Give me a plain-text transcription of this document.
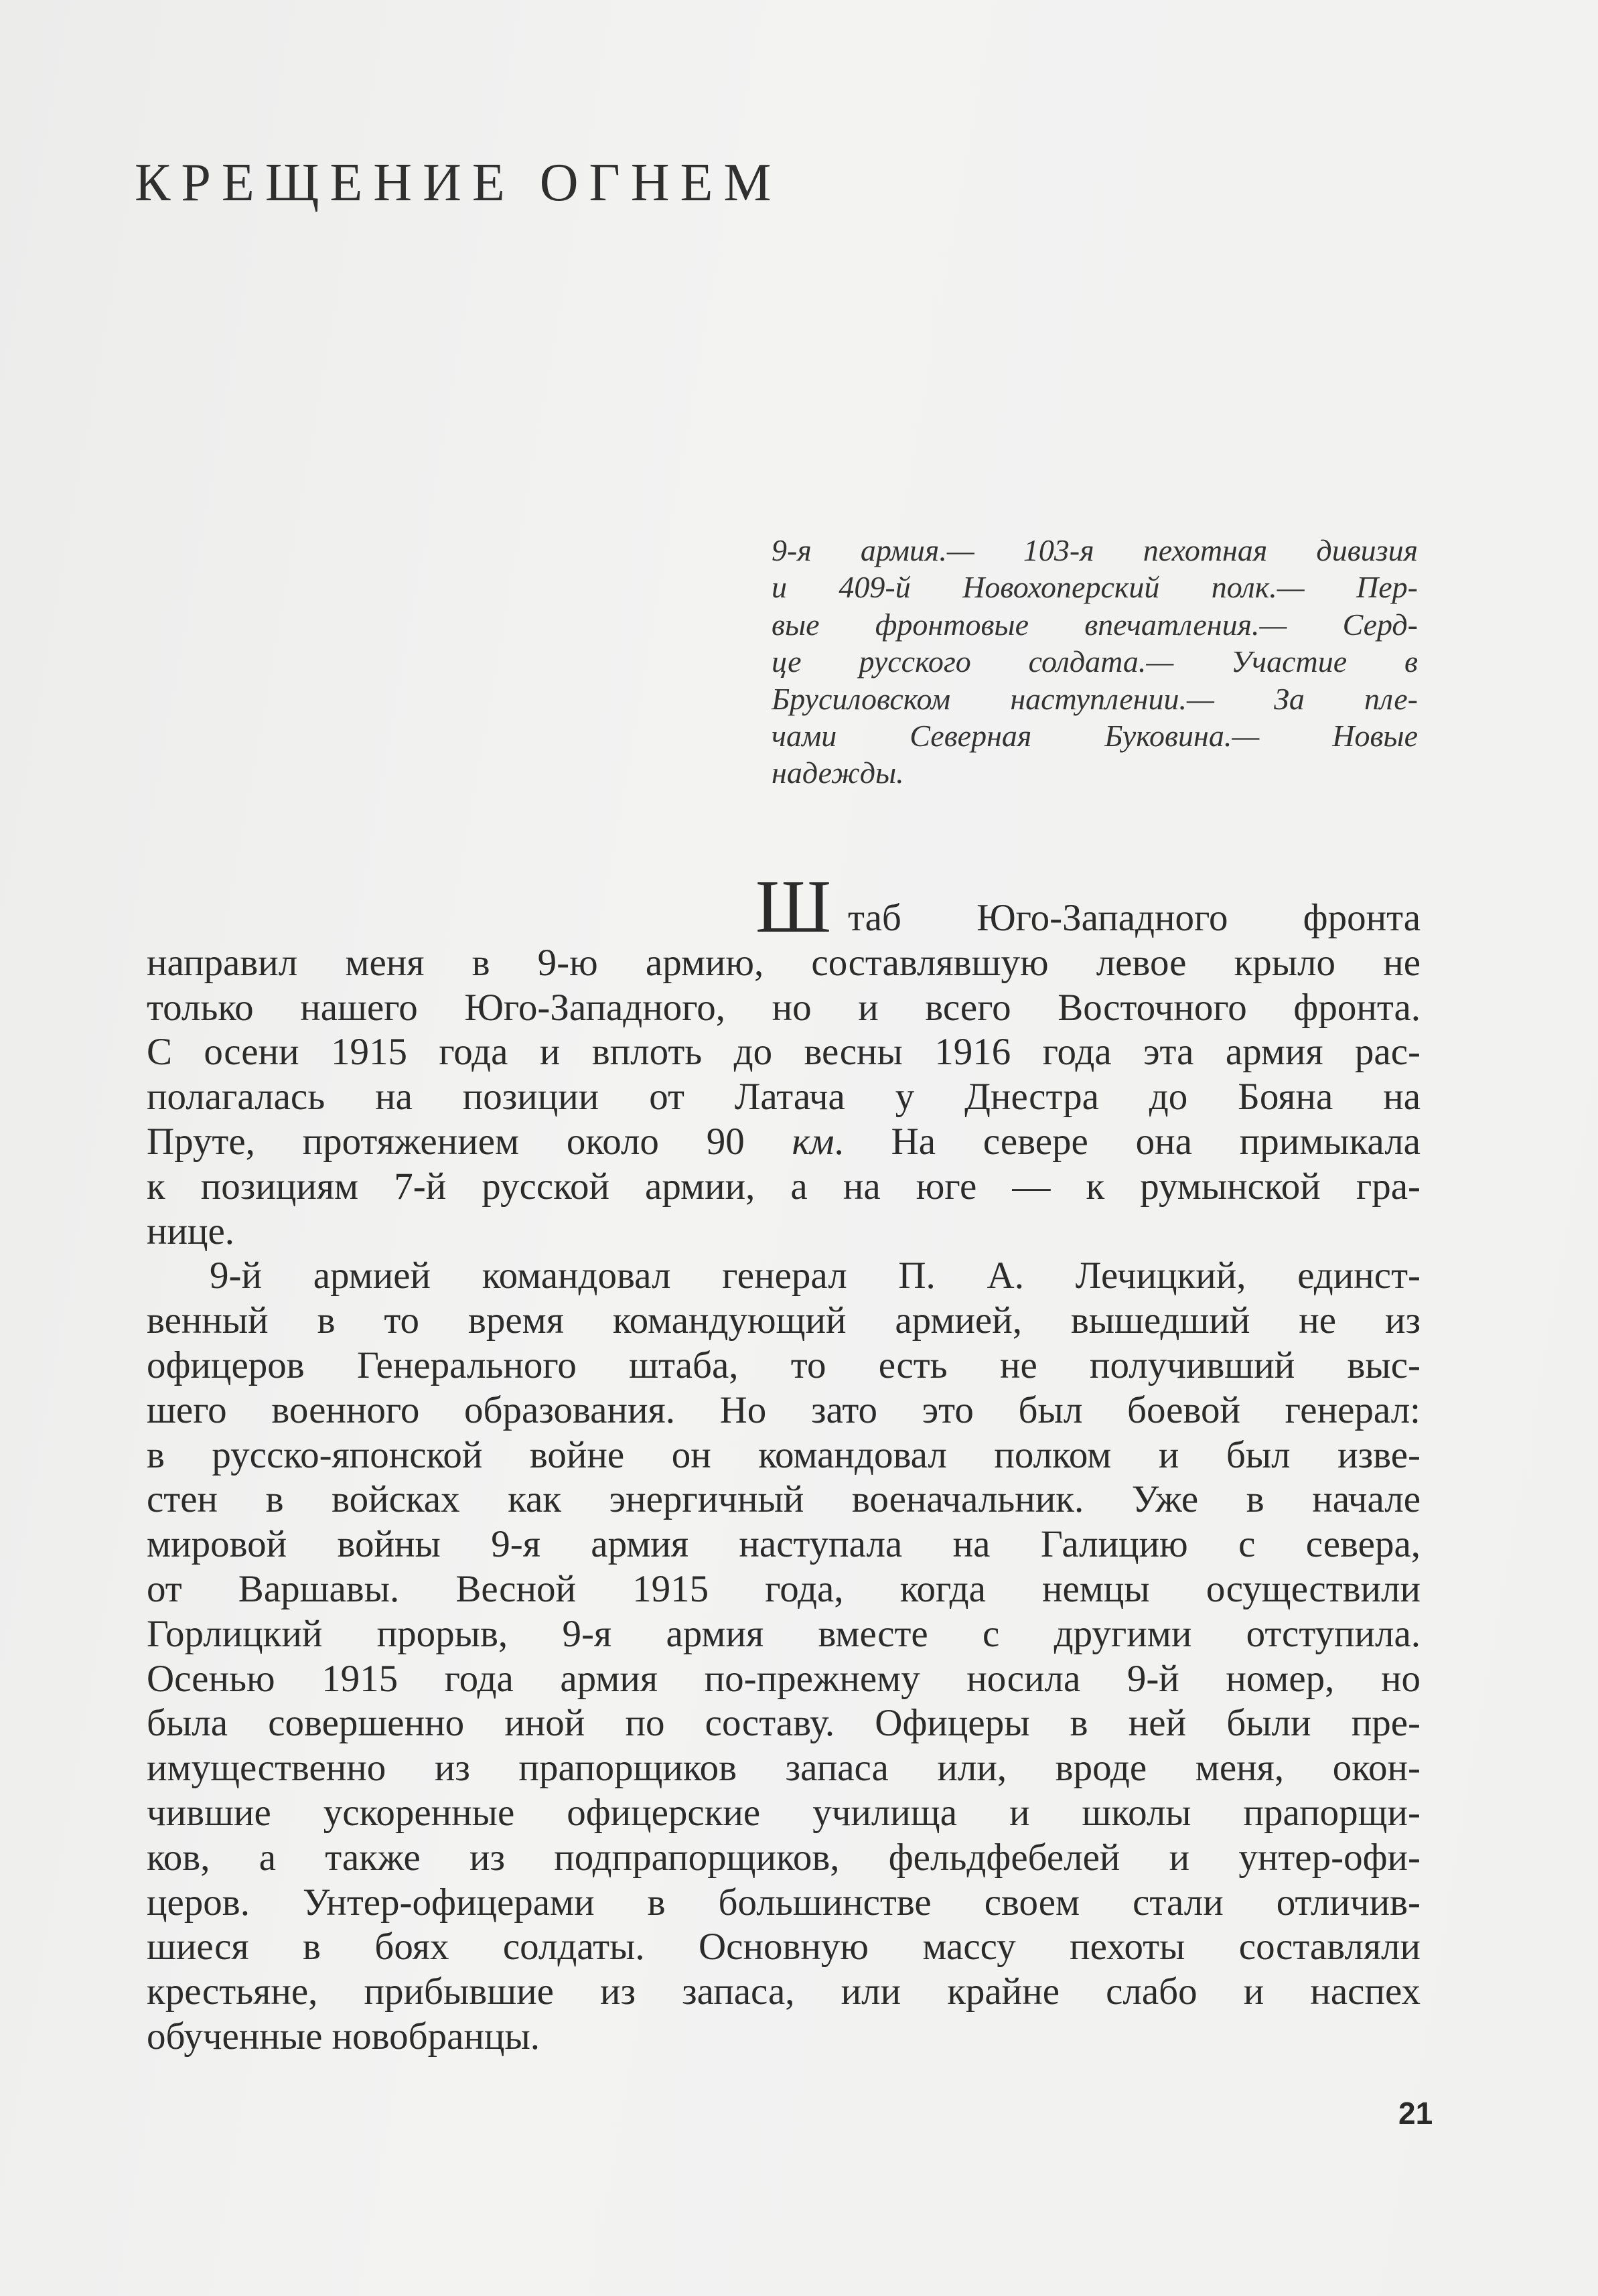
КРЕЩЕНИЕ ОГНЕМ
9-я армия.— 103-я пехотная дивизия
и 409-й Новохоперский полк.— Пер-
вые фронтовые впечатления.— Серд-
це русского солдата.— Участие в
Брусиловском наступлении.— За пле-
чами Северная Буковина.— Новые
надежды.
Ш таб Юго-Западного фронта
направил меня в 9-ю армию, составлявшую левое крыло не
только нашего Юго-Западного, но и всего Восточного фронта.
С осени 1915 года и вплоть до весны 1916 года эта армия рас-
полагалась на позиции от Латача у Днестра до Бояна на
Пруте, протяжением около 90 км. На севере она примыкала
к позициям 7-й русской армии, а на юге — к румынской гра-
нице.
9-й армией командовал генерал П. А. Лечицкий, единст-
венный в то время командующий армией, вышедший не из
офицеров Генерального штаба, то есть не получивший выс-
шего военного образования. Но зато это был боевой генерал:
в русско-японской войне он командовал полком и был изве-
стен в войсках как энергичный военачальник. Уже в начале
мировой войны 9-я армия наступала на Галицию с севера,
от Варшавы. Весной 1915 года, когда немцы осуществили
Горлицкий прорыв, 9-я армия вместе с другими отступила.
Осенью 1915 года армия по-прежнему носила 9-й номер, но
была совершенно иной по составу. Офицеры в ней были пре-
имущественно из прапорщиков запаса или, вроде меня, окон-
чившие ускоренные офицерские училища и школы прапорщи-
ков, а также из подпрапорщиков, фельдфебелей и унтер-офи-
церов. Унтер-офицерами в большинстве своем стали отличив-
шиеся в боях солдаты. Основную массу пехоты составляли
крестьяне, прибывшие из запаса, или крайне слабо и наспех
обученные новобранцы.
21
